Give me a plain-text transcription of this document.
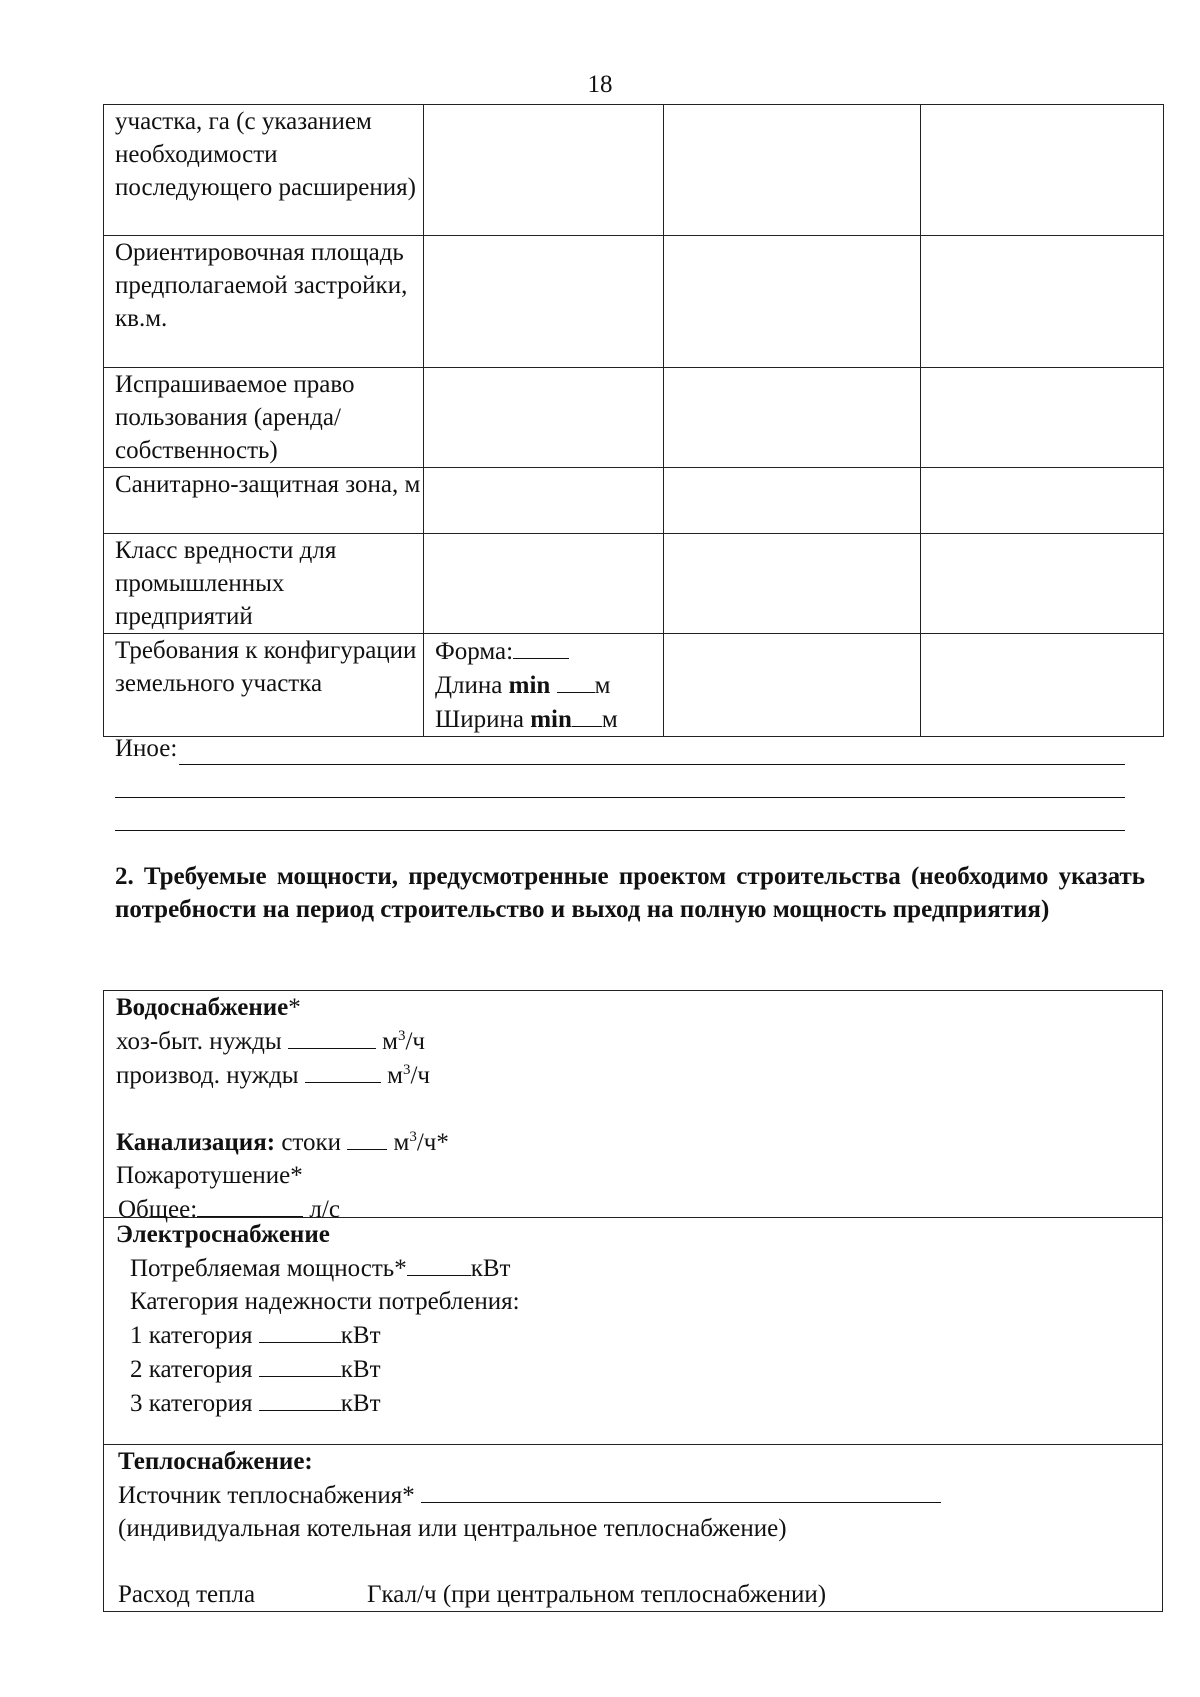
18
участка, га (с указанием необходимости последующего расширения)			
Ориентировочная площадь предполагаемой застройки, кв.м.			
Испрашиваемое право пользования (аренда/собственность)			
Санитарно-защитная зона, м			
Класс вредности для промышленных предприятий			
Требования к конфигурации земельного участка	Форма:
Длина min м
Ширина min м		

Иное:
2. Требуемые мощности, предусмотренные проектом строительства (необходимо указать потребности на период строительство и выход на полную мощность предприятия)
Водоснабжение*
хоз-быт. нужды	$м^3/ч$
производ. нужды	$м^3/ч$
Канализация: стоки $м^3/ч*$
Пожаротушение*
Общее:	л/с
Электроснабжение
Потребляемая мощность*	кВт
Категория надежности потребления:
1 категория	кВт
2 категория	кВт
3 категория	кВт
Теплоснабжение:
Источник теплоснабжения*
(индивидуальная котельная или центральное теплоснабжение)
Расход тепла	Гкал/ч (при центральном теплоснабжении)
